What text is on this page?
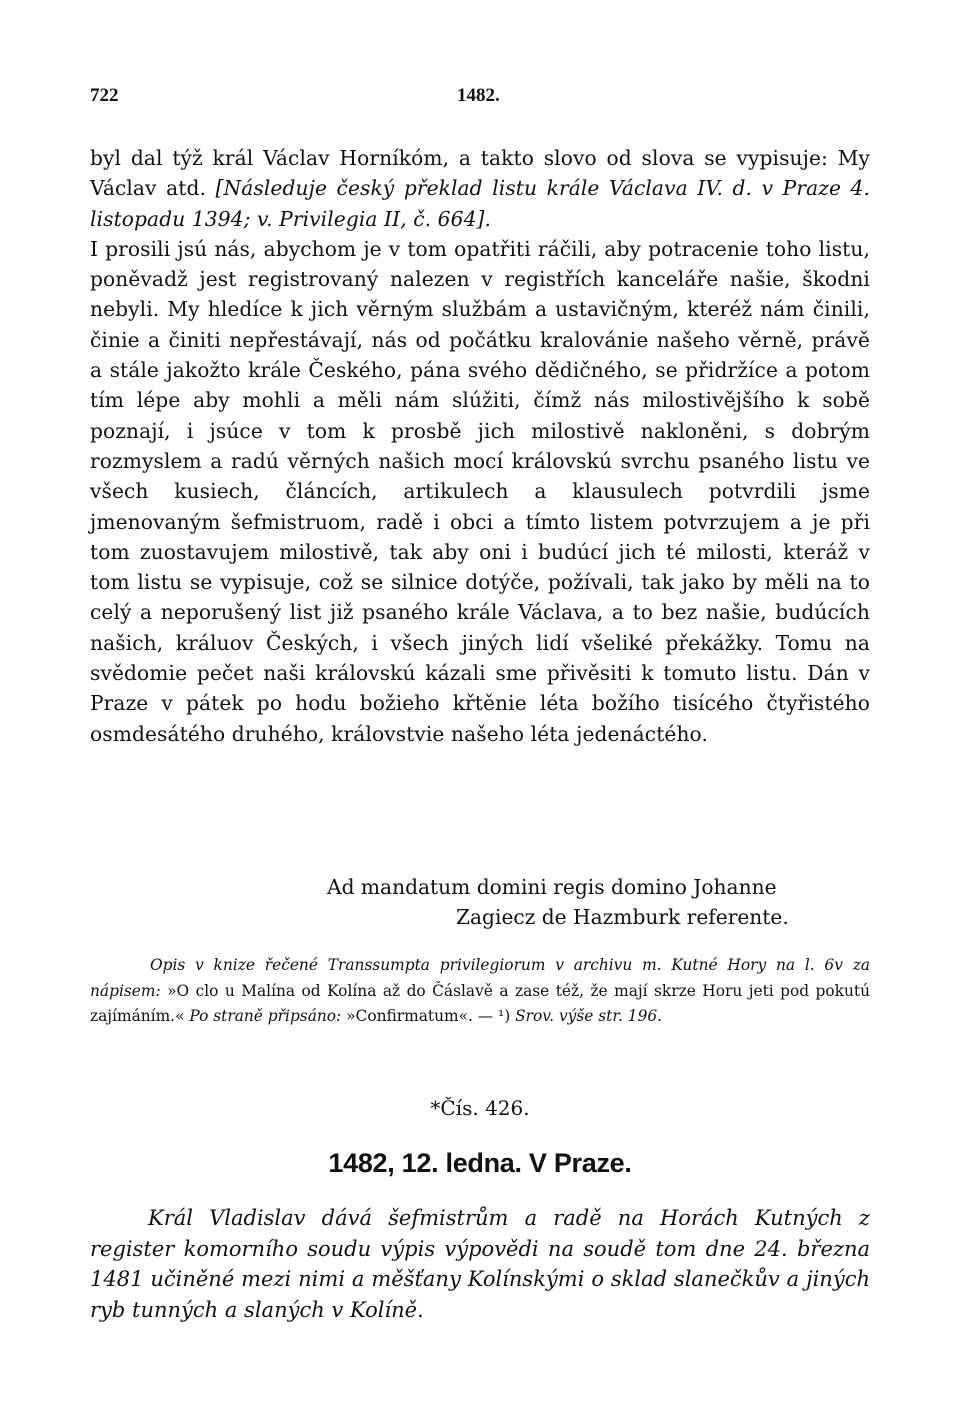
722	1482.

byl dal týž král Václav Horníkóm, a takto slovo od slova se vypisuje: My Václav atd. [Následuje český překlad listu krále Václava IV. d. v Praze 4. listopadu 1394; v. Privilegia II, č. 664].

I prosili jsú nás, abychom je v tom opatřiti ráčili, aby potracenie toho listu, poněvadž jest registrovaný nalezen v registřích kanceláře našie, škodni nebyli. My hledíce k jich věrným službám a ustavičným, kteréž nám činili, činie a činiti nepřestávají, nás od počátku kralovánie našeho věrně, právě a stále jakožto krále Českého, pána svého dědičného, se přidržíce a potom tím lépe aby mohli a měli nám slúžiti, čímž nás milostivějšího k sobě poznají, i jsúce v tom k prosbě jich milostivě nakloněni, s dobrým rozmyslem a radú věrných našich mocí královskú svrchu psaného listu ve všech kusiech, článcích, artikulech a klausulech potvrdili jsme jmenovaným šefmistruom, radě i obci a tímto listem potvrzujem a je při tom zuostavujem milostivě, tak aby oni i budúcí jich té milosti, kteráž v tom listu se vypisuje, což se silnice dotýče, požívali, tak jako by měli na to celý a neporušený list již psaného krále Václava, a to bez našie, budúcích našich, králuov Českých, i všech jiných lidí všeliké překážky. Tomu na svědomie pečet naši královskú kázali sme přivěsiti k tomuto listu. Dán v Praze v pátek po hodu božieho křtěnie léta božího tisícého čtyřistého osmdesátého druhého, královstvie našeho léta jedenáctého.

Ad mandatum domini regis domino Johanne
Zagiecz de Hazmburk referente.
Opis v knize řečené Transsumpta privilegiorum v archivu m. Kutné Hory na l. 6v za nápisem: »O clo u Malína od Kolína až do Čáslavě a zase též, že mají skrze Horu jeti pod pokutú zajímáním.« Po straně připsáno: »Confirmatum«. — ¹) Srov. výše str. 196.
*Čís. 426.
1482, 12. ledna. V Praze.
Král Vladislav dává šefmistrům a radě na Horách Kutných z register komorního soudu výpis výpovědi na soudě tom dne 24. března 1481 učiněné mezi nimi a měšťany Kolínskými o sklad slanečkův a jiných ryb tunných a slaných v Kolíně.
